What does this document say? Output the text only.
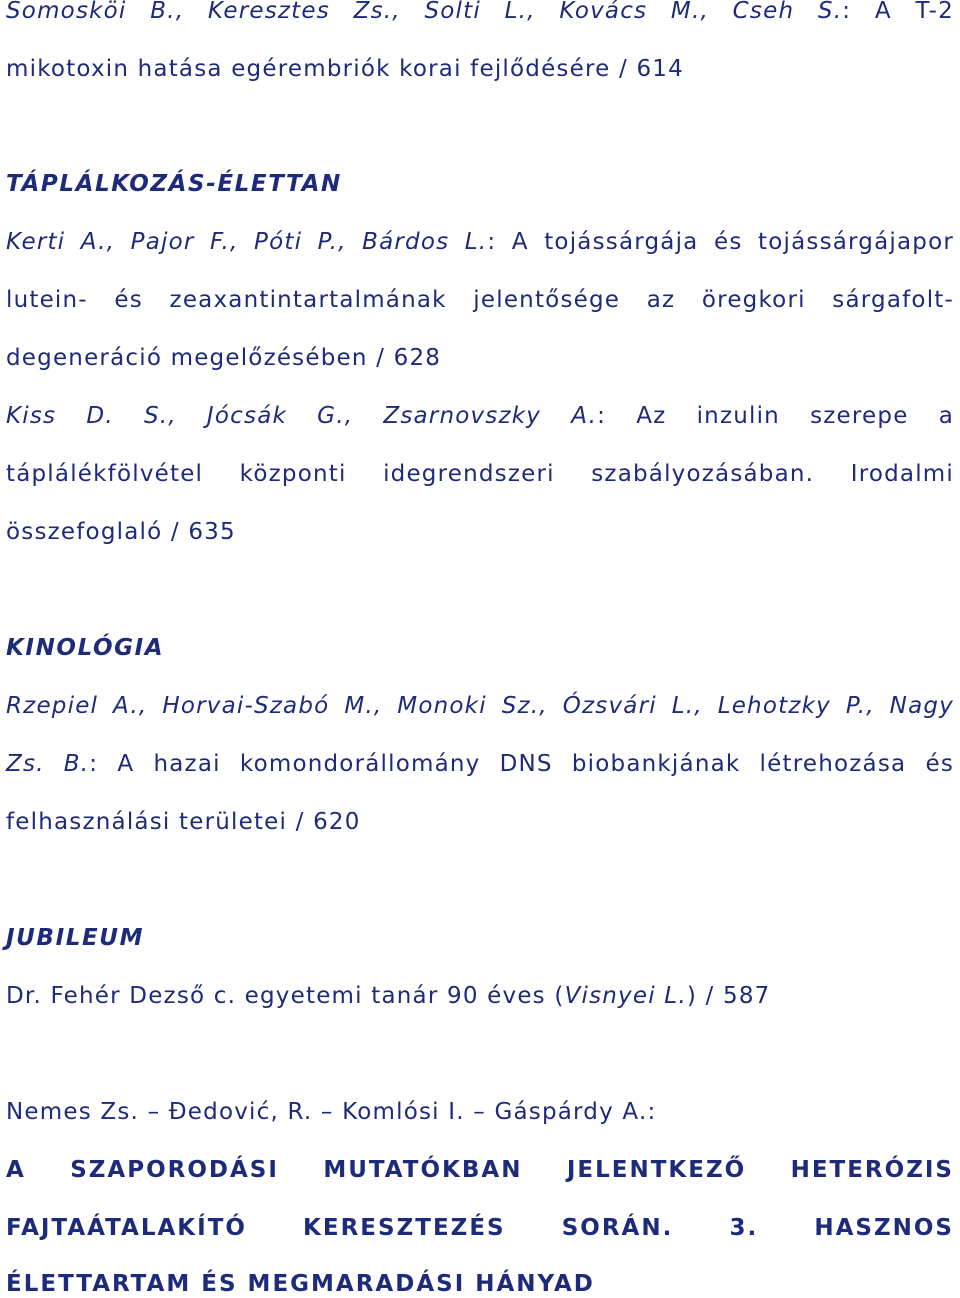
Somosköi B., Keresztes Zs., Solti L., Kovács M., Cseh S.: A T-2
mikotoxin hatása egérembriók korai fejlődésére / 614
TÁPLÁLKOZÁS-ÉLETTAN
Kerti A., Pajor F., Póti P., Bárdos L.: A tojássárgája és tojássárgájapor
lutein- és zeaxantintartalmának jelentősége az öregkori sárgafolt-
degeneráció megelőzésében / 628
Kiss D. S., Jócsák G., Zsarnovszky A.: Az inzulin szerepe a
táplálékfölvétel központi idegrendszeri szabályozásában. Irodalmi
összefoglaló / 635
KINOLÓGIA
Rzepiel A., Horvai-Szabó M., Monoki Sz., Ózsvári L., Lehotzky P., Nagy
Zs. B.: A hazai komondorállomány DNS biobankjának létrehozása és
felhasználási területei / 620
JUBILEUM
Dr. Fehér Dezső c. egyetemi tanár 90 éves (Visnyei L.) / 587
Nemes Zs. – Đedović, R. – Komlósi I. – Gáspárdy A.:
A SZAPORODÁSI MUTATÓKBAN JELENTKEZŐ HETERÓZIS
FAJTAÁTALAKÍTÓ KERESZTEZÉS SORÁN. 3. HASZNOS
ÉLETTARTAM ÉS MEGMARADÁSI HÁNYAD
